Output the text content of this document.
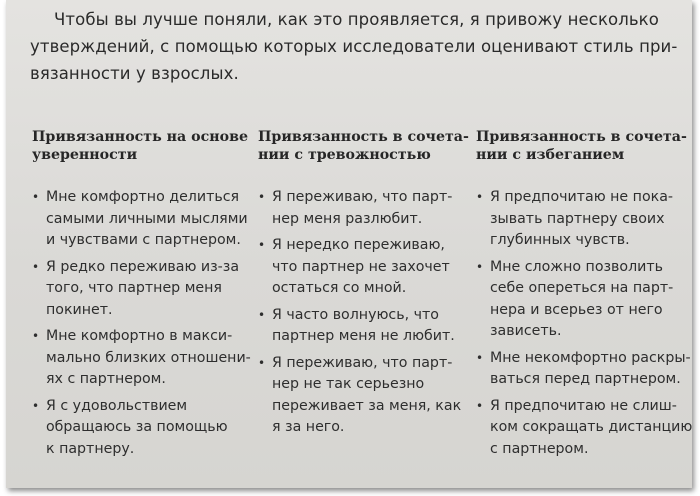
Чтобы вы лучше поняли, как это проявляется, я привожу несколько утверждений, с помощью которых исследователи оценивают стиль при- вязанности у взрослых.

Привязанность на основе
уверенности
• Мне комфортно делиться
самыми личными мыслями
и чувствами с партнером.
• Я редко переживаю из-за
того, что партнер меня
покинет.
• Мне комфортно в макси-
мально близких отношени-
ях с партнером.
• Я с удовольствием
обращаюсь за помощью
к партнеру.
Привязанность в сочета-
нии с тревожностью
• Я переживаю, что парт-
нер меня разлюбит.
• Я нередко переживаю,
что партнер не захочет
остаться со мной.
• Я часто волнуюсь, что
партнер меня не любит.
• Я переживаю, что парт-
нер не так серьезно
переживает за меня, как
я за него.
Привязанность в сочета-
нии с избеганием
• Я предпочитаю не пока-
зывать партнеру своих
глубинных чувств.
• Мне сложно позволить
себе опереться на парт-
нера и всерьез от него
зависеть.
• Мне некомфортно раскры-
ваться перед партнером.
• Я предпочитаю не слиш-
ком сокращать дистанцию
с партнером.
